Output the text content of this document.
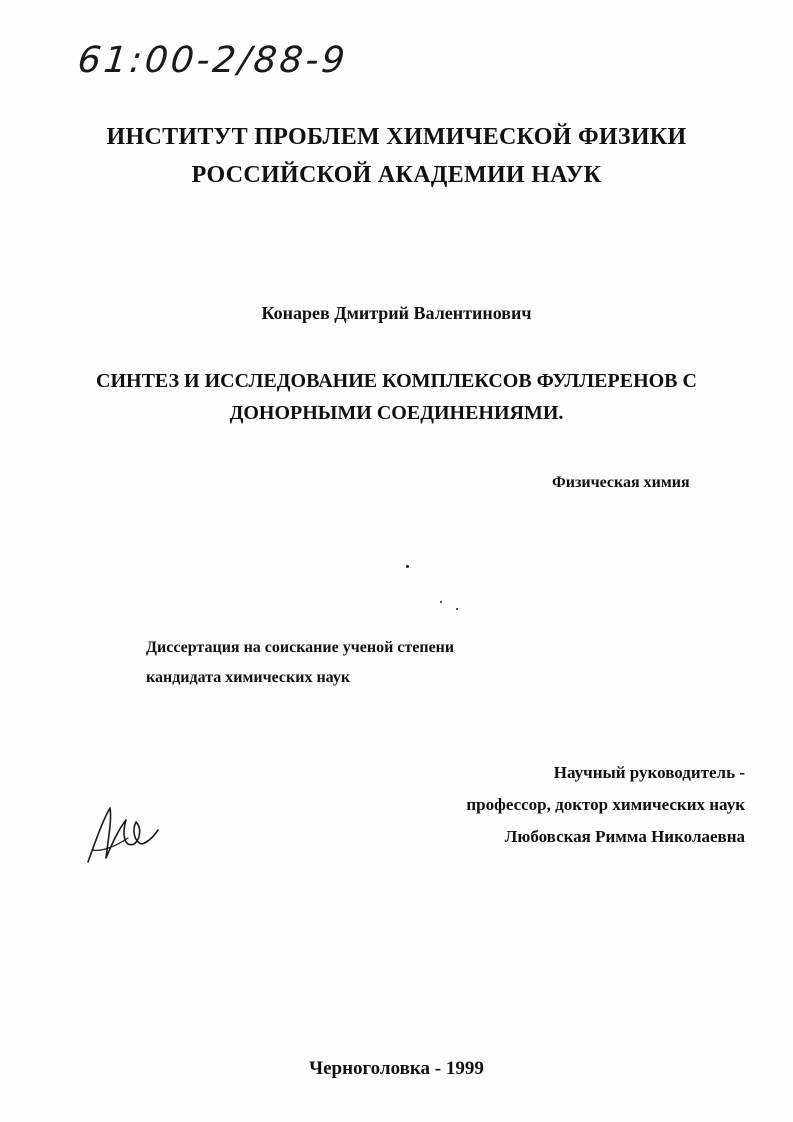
61:00-2/88-9
ИНСТИТУТ ПРОБЛЕМ ХИМИЧЕСКОЙ ФИЗИКИ
РОССИЙСКОЙ АКАДЕМИИ НАУК
Конарев Дмитрий Валентинович
СИНТЕЗ И ИССЛЕДОВАНИЕ КОМПЛЕКСОВ ФУЛЛЕРЕНОВ С
ДОНОРНЫМИ СОЕДИНЕНИЯМИ.
Физическая химия
Диссертация на соискание ученой степени
кандидата химических наук
Научный руководитель -
профессор, доктор химических наук
Любовская Римма Николаевна
Черноголовка - 1999
